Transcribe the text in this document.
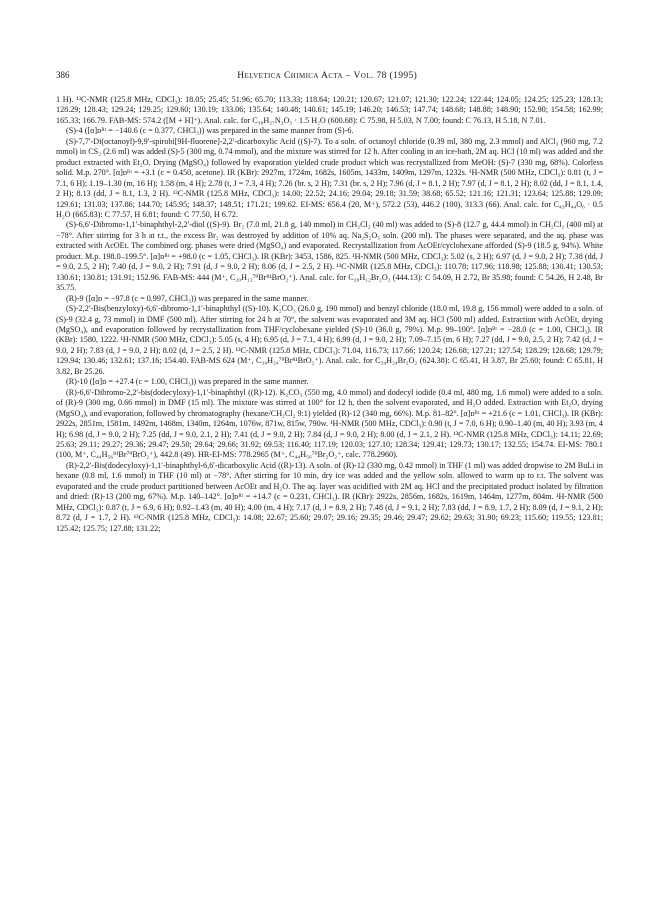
386	Helvetica Chimica Acta – Vol. 78 (1995)

1 H). ¹³C-NMR (125.8 MHz, CDCl₃): 18.05; 25.45; 51.96; 65.70; 113.33; 118.64; 120.21; 120.67; 121.07; 121.30; 122.24; 122.44; 124.05; 124.25; 125.23; 128.13; 128.29; 128.43; 129.24; 129.25; 129.60; 130.19; 133.06; 135.64; 140.48; 140.61; 145.19; 146.20; 146.53; 147.74; 148.68; 148.88; 148.90; 152.90; 154.58; 162.99; 165.33; 166.79. FAB-MS: 574.2 ([M + H]⁺). Anal. calc. for C₃₈H₂₇N₃O₃ · 1.5 H₂O (600.68): C 75.98, H 5.03, N 7.00; found: C 76.13, H 5.18, N 7.01.

(S)-4 ([α]ᴅᴿᵗ = −140.6 (c = 0.377, CHCl₃)) was prepared in the same manner from (S)-6.

(S)-7,7′-Di(octanoyl)-9,9′-spirobi[9H-fluorene]-2,2′-dicarboxylic Acid ((S)-7). To a soln. of octanoyl chloride (0.39 ml, 380 mg, 2.3 mmol) and AlCl₃ (960 mg, 7.2 mmol) in CS₂ (2.6 ml) was added (S)-5 (300 mg, 0.74 mmol), and the mixture was stirred for 12 h. After cooling in an ice-bath, 2M aq. HCl (10 ml) was added and the product extracted with Et₂O. Drying (MgSO₄) followed by evaporation yielded crude product which was recrystallized from MeOH: (S)-7 (330 mg, 68%). Colorless solid. M.p. 270°. [α]ᴅᴿᵗ = +3.1 (c = 0.450, acetone). IR (KBr): 2927m, 1724m, 1682s, 1605m, 1433m, 1409m, 1297m, 1232s. ¹H-NMR (500 MHz, CDCl₃): 0.81 (t, J = 7.1, 6 H); 1.19–1.30 (m, 16 H); 1.58 (m, 4 H); 2.78 (t, J = 7.3, 4 H); 7.26 (br. s, 2 H); 7.31 (br. s, 2 H); 7.96 (d, J = 8.1, 2 H); 7.97 (d, J = 8.1, 2 H); 8.02 (dd, J = 8.1, 1.4, 2 H); 8.13 (dd, J = 8.1, 1.3, 2 H). ¹³C-NMR (125.8 MHz, CDCl₃): 14.00; 22.52; 24.16; 29.04; 29.18; 31.59; 38.68; 65.52; 121.16; 121.31; 123.64; 125.88; 129.09; 129.61; 131.03; 137.86; 144.70; 145.95; 148.37; 148.51; 171.21; 199.62. EI-MS: 656.4 (20, M⁺), 572.2 (53), 446.2 (100), 313.3 (66). Anal. calc. for C₄₃H₄₄O₆ · 0.5 H₂O (665.83): C 77.57, H 6.81; found: C 77.50, H 6.72.

(S)-6,6′-Dibromo-1,1′-binaphthyl-2,2′-diol ((S)-9). Br₂ (7.0 ml, 21.8 g, 140 mmol) in CH₂Cl₂ (40 ml) was added to (S)-8 (12.7 g, 44.4 mmol) in CH₂Cl₂ (400 ml) at −78°. After stirring for 3 h at r.t., the excess Br₂ was destroyed by addition of 10% aq. Na₂S₂O₅ soln. (200 ml). The phases were separated, and the aq. phase was extracted with AcOEt. The combined org. phases were dried (MgSO₄) and evaporated. Recrystallization from AcOEt/cyclohexane afforded (S)-9 (18.5 g, 94%). White product. M.p. 198.0–199.5°. [α]ᴅᴿᵗ = +98.0 (c = 1.05, CHCl₃). IR (KBr): 3453, 1586, 825. ¹H-NMR (500 MHz, CDCl₃): 5.02 (s, 2 H); 6.97 (d, J = 9.0, 2 H); 7.38 (dd, J = 9.0, 2.5, 2 H); 7.40 (d, J = 9.0, 2 H); 7.91 (d, J = 9.0, 2 H); 8.06 (d, J = 2.5, 2 H). ¹³C-NMR (125.8 MHz, CDCl₃): 110.78; 117.96; 118.98; 125.88; 130.41; 130.53; 130.61; 130.81; 131.91; 152.96. FAB-MS: 444 (M⁺, C₂₀H₁₂⁷⁹Br⁸¹BrO₂⁺). Anal. calc. for C₂₀H₁₂Br₂O₂ (444.13): C 54.09, H 2.72, Br 35.98; found: C 54.26, H 2.48, Br 35.75.

(R)-9 ([α]ᴅ = −97.8 (c = 0.997, CHCl₃)) was prepared in the same manner.

(S)-2,2′-Bis(benzyloxy)-6,6′-dibromo-1,1′-binaphthyl ((S)-10). K₂CO₃ (26.0 g, 190 mmol) and benzyl chloride (18.0 ml, 19.8 g, 156 mmol) were added to a soln. of (S)-9 (32.4 g, 73 mmol) in DMF (500 ml). After stirring for 24 h at 70°, the solvent was evaporated and 3M aq. HCl (500 ml) added. Extraction with AcOEt, drying (MgSO₄), and evaporation followed by recrystallization from THF/cyclohexane yielded (S)-10 (36.0 g, 79%). M.p. 99–100°. [α]ᴅᴿᵗ = −28.0 (c = 1.00, CHCl₃). IR (KBr): 1580, 1222. ¹H-NMR (500 MHz, CDCl₃): 5.05 (s, 4 H); 6.95 (d, J = 7.1, 4 H); 6.99 (d, J = 9.0, 2 H); 7.09–7.15 (m, 6 H); 7.27 (dd, J = 9.0, 2.5, 2 H); 7.42 (d, J = 9.0, 2 H); 7.83 (d, J = 9.0, 2 H); 8.02 (d, J = 2.5, 2 H). ¹³C-NMR (125.8 MHz, CDCl₃): 71.04, 116.73; 117.66; 120.24; 126.68; 127.21; 127.54; 128.29; 128.68; 129.79; 129.94; 130.46; 132.61; 137.16; 154.40. FAB-MS 624 (M⁺, C₃₄H₂₄⁷⁹Br⁸¹BrO₂⁺). Anal. calc. for C₃₄H₂₄Br₂O₂ (624.38): C 65.41, H 3.87, Br 25.60; found: C 65.81, H 3.82, Br 25.26.

(R)-10 ([α]ᴅ = +27.4 (c = 1.00, CHCl₃)) was prepared in the same manner.

(R)-6,6′-Dibromo-2,2′-bis(dodecyloxy)-1,1′-binaphthyl ((R)-12). K₂CO₃ (550 mg, 4.0 mmol) and dodecyl iodide (0.4 ml, 480 mg, 1.6 mmol) were added to a soln. of (R)-9 (300 mg, 0.66 mmol) in DMF (15 ml). The mixture was stirred at 100° for 12 h, then the solvent evaporated, and H₂O added. Extraction with Et₂O, drying (MgSO₄), and evaporation, followed by chromatography (hexane/CH₂Cl₂ 9:1) yielded (R)-12 (340 mg, 66%). M.p. 81–82°. [α]ᴅᴿᵗ = +21.6 (c = 1.01, CHCl₃). IR (KBr): 2922s, 2851m, 1581m, 1492m, 1468m, 1340m, 1264m, 1076w, 871w, 815w, 790w. ¹H-NMR (500 MHz, CDCl₃): 0.90 (t, J = 7.0, 6 H); 0.90–1.40 (m, 40 H); 3.93 (m, 4 H); 6.98 (d, J = 9.0, 2 H); 7.25 (dd, J = 9.0, 2.1, 2 H); 7.41 (d, J = 9.0, 2 H); 7.84 (d, J = 9.0, 2 H); 8.00 (d, J = 2.1, 2 H). ¹³C-NMR (125.8 MHz, CDCl₃): 14.11; 22.69; 25.63; 29.11; 29.27; 29.36; 29.47; 29.50; 29.64; 29.66; 31.92; 69.53; 116.40; 117.19; 120.03; 127.10; 128.34; 129.41; 129.73; 130.17; 132.55; 154.74. EI-MS: 780.1 (100, M⁺, C₄₄H₅₆⁸¹Br⁷⁹BrO₂⁺), 442.8 (49). HR-EI-MS: 778.2965 (M⁺, C₄₄H₅₆⁷⁹Br₂O₂⁺, calc. 778.2960).

(R)-2,2′-Bis(dodecyloxy)-1,1′-binaphthyl-6,6′-dicarboxylic Acid ((R)-13). A soln. of (R)-12 (330 mg, 0.42 mmol) in THF (1 ml) was added dropwise to 2M BuLi in hexane (0.8 ml, 1.6 mmol) in THF (10 ml) at −78°. After stirring for 10 min, dry ice was added and the yellow soln. allowed to warm up to r.t. The solvent was evaporated and the crude product partitioned between AcOEt and H₂O. The aq. layer was acidified with 2M aq. HCl and the precipitated product isolated by filtration and dried: (R)-13 (200 mg, 67%). M.p. 140–142°. [α]ᴅᴿᵗ = +14.7 (c = 0.231, CHCl₃). IR (KBr): 2922s, 2856m, 1682s, 1619m, 1464m, 1277m, 804m. ¹H-NMR (500 MHz, CDCl₃): 0.87 (t, J = 6.9, 6 H); 0.92–1.43 (m, 40 H); 4.00 (m, 4 H); 7.17 (d, J = 8.9, 2 H); 7.48 (d, J = 9.1, 2 H); 7.83 (dd, J = 8.9, 1.7, 2 H); 8.09 (d, J = 9.1, 2 H); 8.72 (d, J = 1.7, 2 H). ¹³C-NMR (125.8 MHz, CDCl₃): 14.08; 22.67; 25.60; 29.07; 29.16; 29.35; 29.46; 29.47; 29.62; 29.63; 31.90; 69.23; 115.60; 119.55; 123.81; 125.42; 125.75; 127.88; 131.22;
